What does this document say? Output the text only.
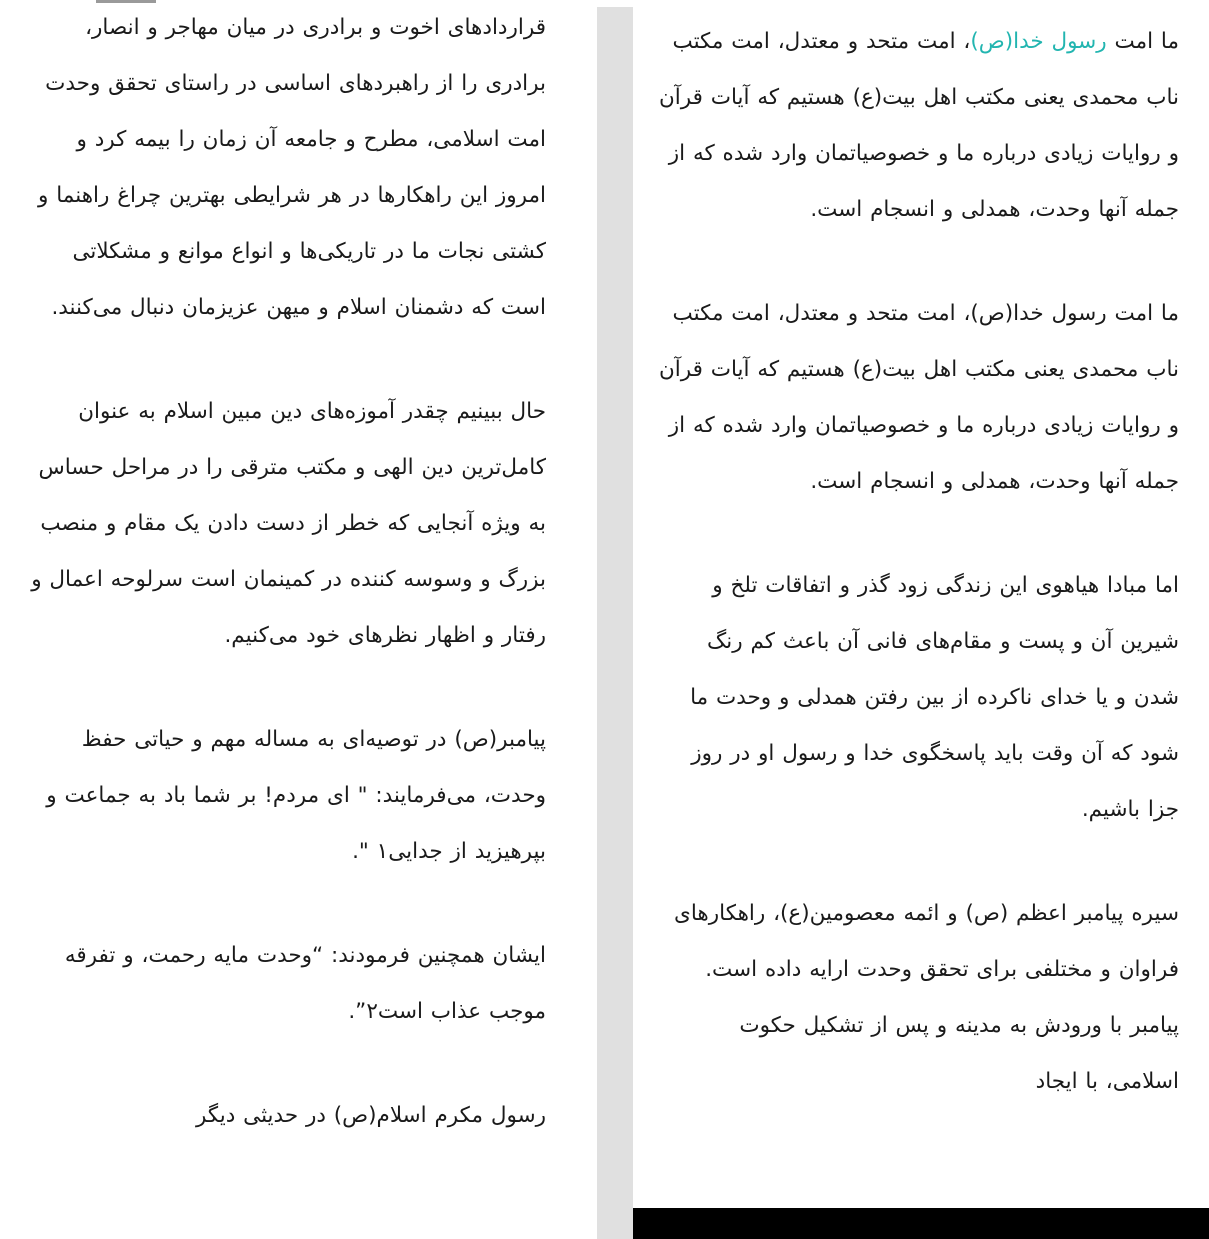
ما امت رسول خدا(ص)، امت متحد و معتدل، امت مکتب ناب محمدی یعنی مکتب اهل بیت(ع) هستیم که آیات قرآن و روایات زیادی درباره ما و خصوصیاتمان وارد شده که از جمله آنها وحدت، همدلی و انسجام است.

ما امت رسول خدا(ص)، امت متحد و معتدل، امت مکتب ناب محمدی یعنی مکتب اهل بیت(ع) هستیم که آیات قرآن و روایات زیادی درباره ما و خصوصیاتمان وارد شده که از جمله آنها وحدت، همدلی و انسجام است.

اما مبادا هیاهوی این زندگی زود گذر و اتفاقات تلخ و شیرین آن و پست و مقام‌های فانی آن باعث کم رنگ شدن و یا خدای ناکرده از بین رفتن همدلی و وحدت ما شود که آن وقت باید پاسخگوی خدا و رسول او در روز جزا باشیم.

سیره پیامبر اعظم (ص) و ائمه معصومین(ع)، راهکارهای فراوان و مختلفی برای تحقق وحدت ارایه داده است. پیامبر با ورودش به مدینه و پس از تشکیل حکوت اسلامی، با ایجاد

قراردادهای اخوت و برادری در میان مهاجر و انصار، برادری را از راهبردهای اساسی در راستای تحقق وحدت امت اسلامی، مطرح و جامعه آن زمان را بیمه کرد و امروز این راهکارها در هر شرایطی بهترین چراغ راهنما و کشتی نجات ما در تاریکی‌ها و انواع موانع و مشکلاتی است که دشمنان اسلام و میهن عزیزمان دنبال می‌کنند.

حال ببینیم چقدر آموزه‌های دین مبین اسلام به عنوان کامل‌ترین دین الهی و مکتب مترقی را در مراحل حساس به ویژه آنجایی که خطر از دست دادن یک مقام و منصب بزرگ و وسوسه کننده در کمینمان است سرلوحه اعمال و رفتار و اظهار نظرهای خود می‌کنیم.

پیامبر(ص) در توصیه‌ای به مساله مهم و حیاتی حفظ وحدت، می‌فرمایند: " ای مردم! بر شما باد به جماعت و بپرهیزید از جدایی۱ ".

ایشان همچنین فرمودند: “وحدت مایه رحمت، و تفرقه موجب عذاب است۲”.

رسول مکرم اسلام(ص) در حدیثی دیگر
